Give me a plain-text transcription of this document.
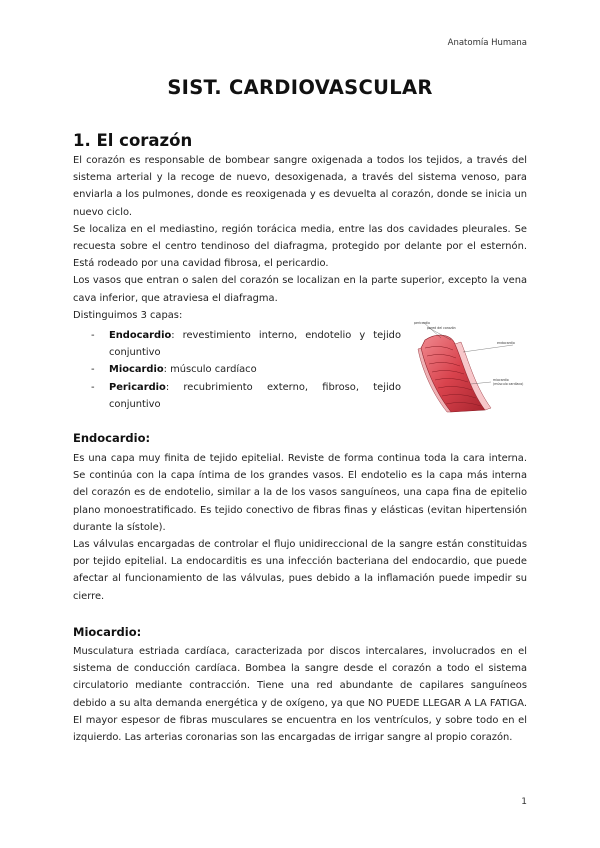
Anatomía Humana
SIST. CARDIOVASCULAR
1. El corazón

El corazón es responsable de bombear sangre oxigenada a todos los tejidos, a través del sistema arterial y la recoge de nuevo, desoxigenada, a través del sistema venoso, para enviarla a los pulmones, donde es reoxigenada y es devuelta al corazón, donde se inicia un nuevo ciclo.

Se localiza en el mediastino, región torácica media, entre las dos cavidades pleurales. Se recuesta sobre el centro tendinoso del diafragma, protegido por delante por el esternón. Está rodeado por una cavidad fibrosa, el pericardio.

Los vasos que entran o salen del corazón se localizan en la parte superior, excepto la vena cava inferior, que atraviesa el diafragma.

Distinguimos 3 capas:

- Endocardio: revestimiento interno, endotelio y tejido conjuntivo
- Miocardio: músculo cardíaco
- Pericardio: recubrimiento externo, fibroso, tejido conjuntivo
pericardio
pared del corazón
endocardio
miocardio
(músculo cardíaco)
Endocardio:

Es una capa muy finita de tejido epitelial. Reviste de forma continua toda la cara interna. Se continúa con la capa íntima de los grandes vasos. El endotelio es la capa más interna del corazón es de endotelio, similar a la de los vasos sanguíneos, una capa fina de epitelio plano monoestratificado. Es tejido conectivo de fibras finas y elásticas (evitan hipertensión durante la sístole).

Las válvulas encargadas de controlar el flujo unidireccional de la sangre están constituidas por tejido epitelial. La endocarditis es una infección bacteriana del endocardio, que puede afectar al funcionamiento de las válvulas, pues debido a la inflamación puede impedir su cierre.

Miocardio:

Musculatura estriada cardíaca, caracterizada por discos intercalares, involucrados en el sistema de conducción cardíaca. Bombea la sangre desde el corazón a todo el sistema circulatorio mediante contracción. Tiene una red abundante de capilares sanguíneos debido a su alta demanda energética y de oxígeno, ya que NO PUEDE LLEGAR A LA FATIGA. El mayor espesor de fibras musculares se encuentra en los ventrículos, y sobre todo en el izquierdo. Las arterias coronarias son las encargadas de irrigar sangre al propio corazón.

1
